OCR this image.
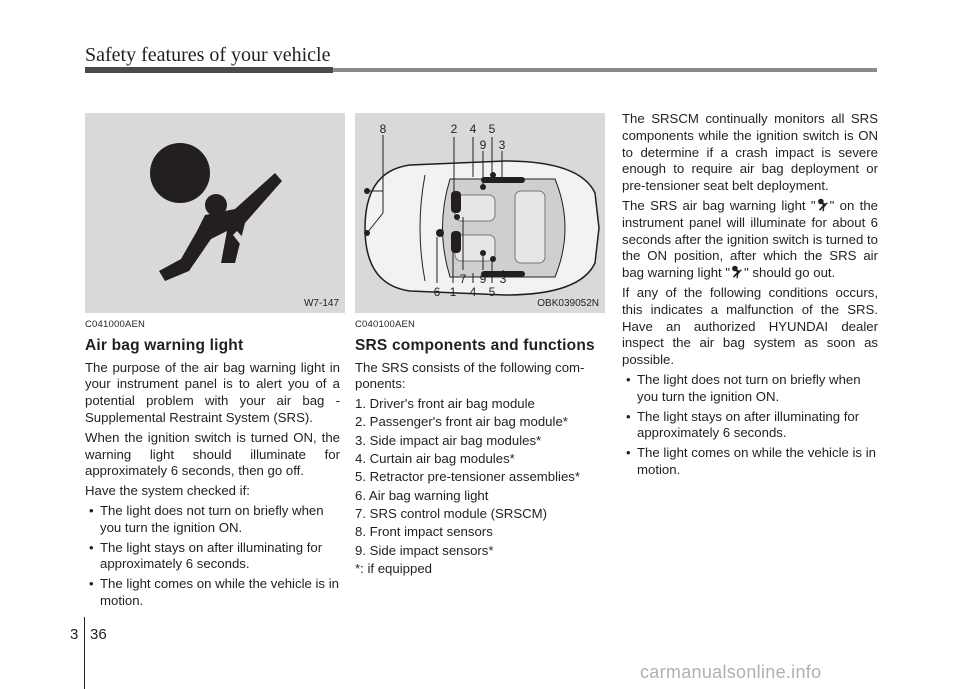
Safety features of your vehicle
W7-147
8	2 4 5
9 3
7 9 3
6 1 4 5
OBK039052N
C041000AEN
Air bag warning light

The purpose of the air bag warning light in your instrument panel is to alert you of a potential problem with your air bag - Supplemental Restraint System (SRS).

When the ignition switch is turned ON, the warning light should illuminate for approximately 6 seconds, then go off.

Have the system checked if:

• The light does not turn on briefly when you turn the ignition ON.
• The light stays on after illuminating for approximately 6 seconds.
• The light comes on while the vehicle is in motion.
C040100AEN
SRS components and functions

The SRS consists of the following com-ponents:

1. Driver's front air bag module

2. Passenger's front air bag module*

3. Side impact air bag modules*

4. Curtain air bag modules*

5. Retractor pre-tensioner assemblies*

6. Air bag warning light

7. SRS control module (SRSCM)

8. Front impact sensors

9. Side impact sensors*

*: if equipped

The SRSCM continually monitors all SRS components while the ignition switch is ON to determine if a crash impact is severe enough to require air bag deployment or pre-tensioner seat belt deployment.

The SRS air bag warning light " " on the instrument panel will illuminate for about 6 seconds after the ignition switch is turned to the ON position, after which the SRS air bag warning light " " should go out.

If any of the following conditions occurs, this indicates a malfunction of the SRS. Have an authorized HYUNDAI dealer inspect the air bag system as soon as possible.

• The light does not turn on briefly when you turn the ignition ON.
• The light stays on after illuminating for approximately 6 seconds.
• The light comes on while the vehicle is in motion.
3 36
carmanualsonline.info
